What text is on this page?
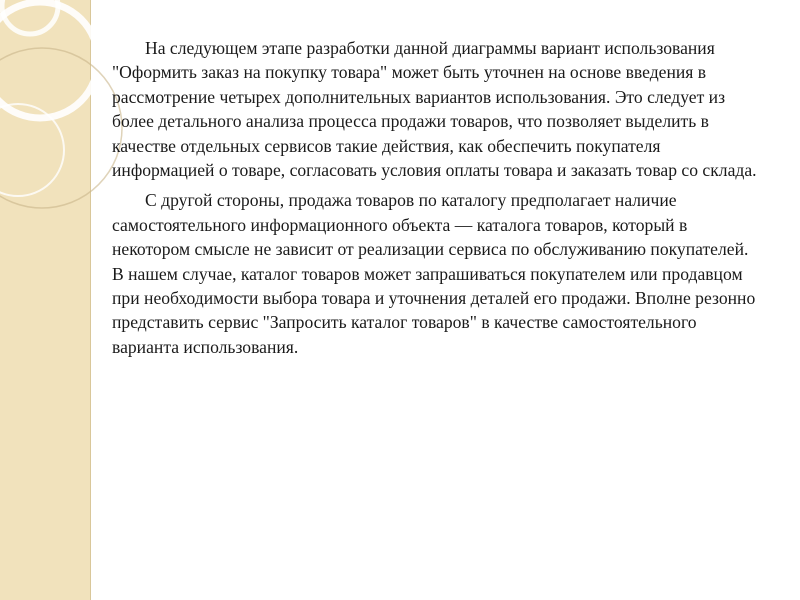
На следующем этапе разработки данной диаграммы вариант использования "Оформить заказ на покупку товара" может быть уточнен на основе введения в рассмотрение четырех дополнительных вариантов использования. Это следует из более детального анализа процесса продажи товаров, что позволяет выделить в качестве отдельных сервисов такие действия, как обеспечить покупателя информацией о товаре, согласовать условия оплаты товара и заказать товар со склада.

С другой стороны, продажа товаров по каталогу предполагает наличие самостоятельного информационного объекта — каталога товаров, который в некотором смысле не зависит от реализации сервиса по обслуживанию покупателей. В нашем случае, каталог товаров может запрашиваться покупателем или продавцом при необходимости выбора товара и уточнения деталей его продажи. Вполне резонно представить сервис "Запросить каталог товаров" в качестве самостоятельного варианта использования.
